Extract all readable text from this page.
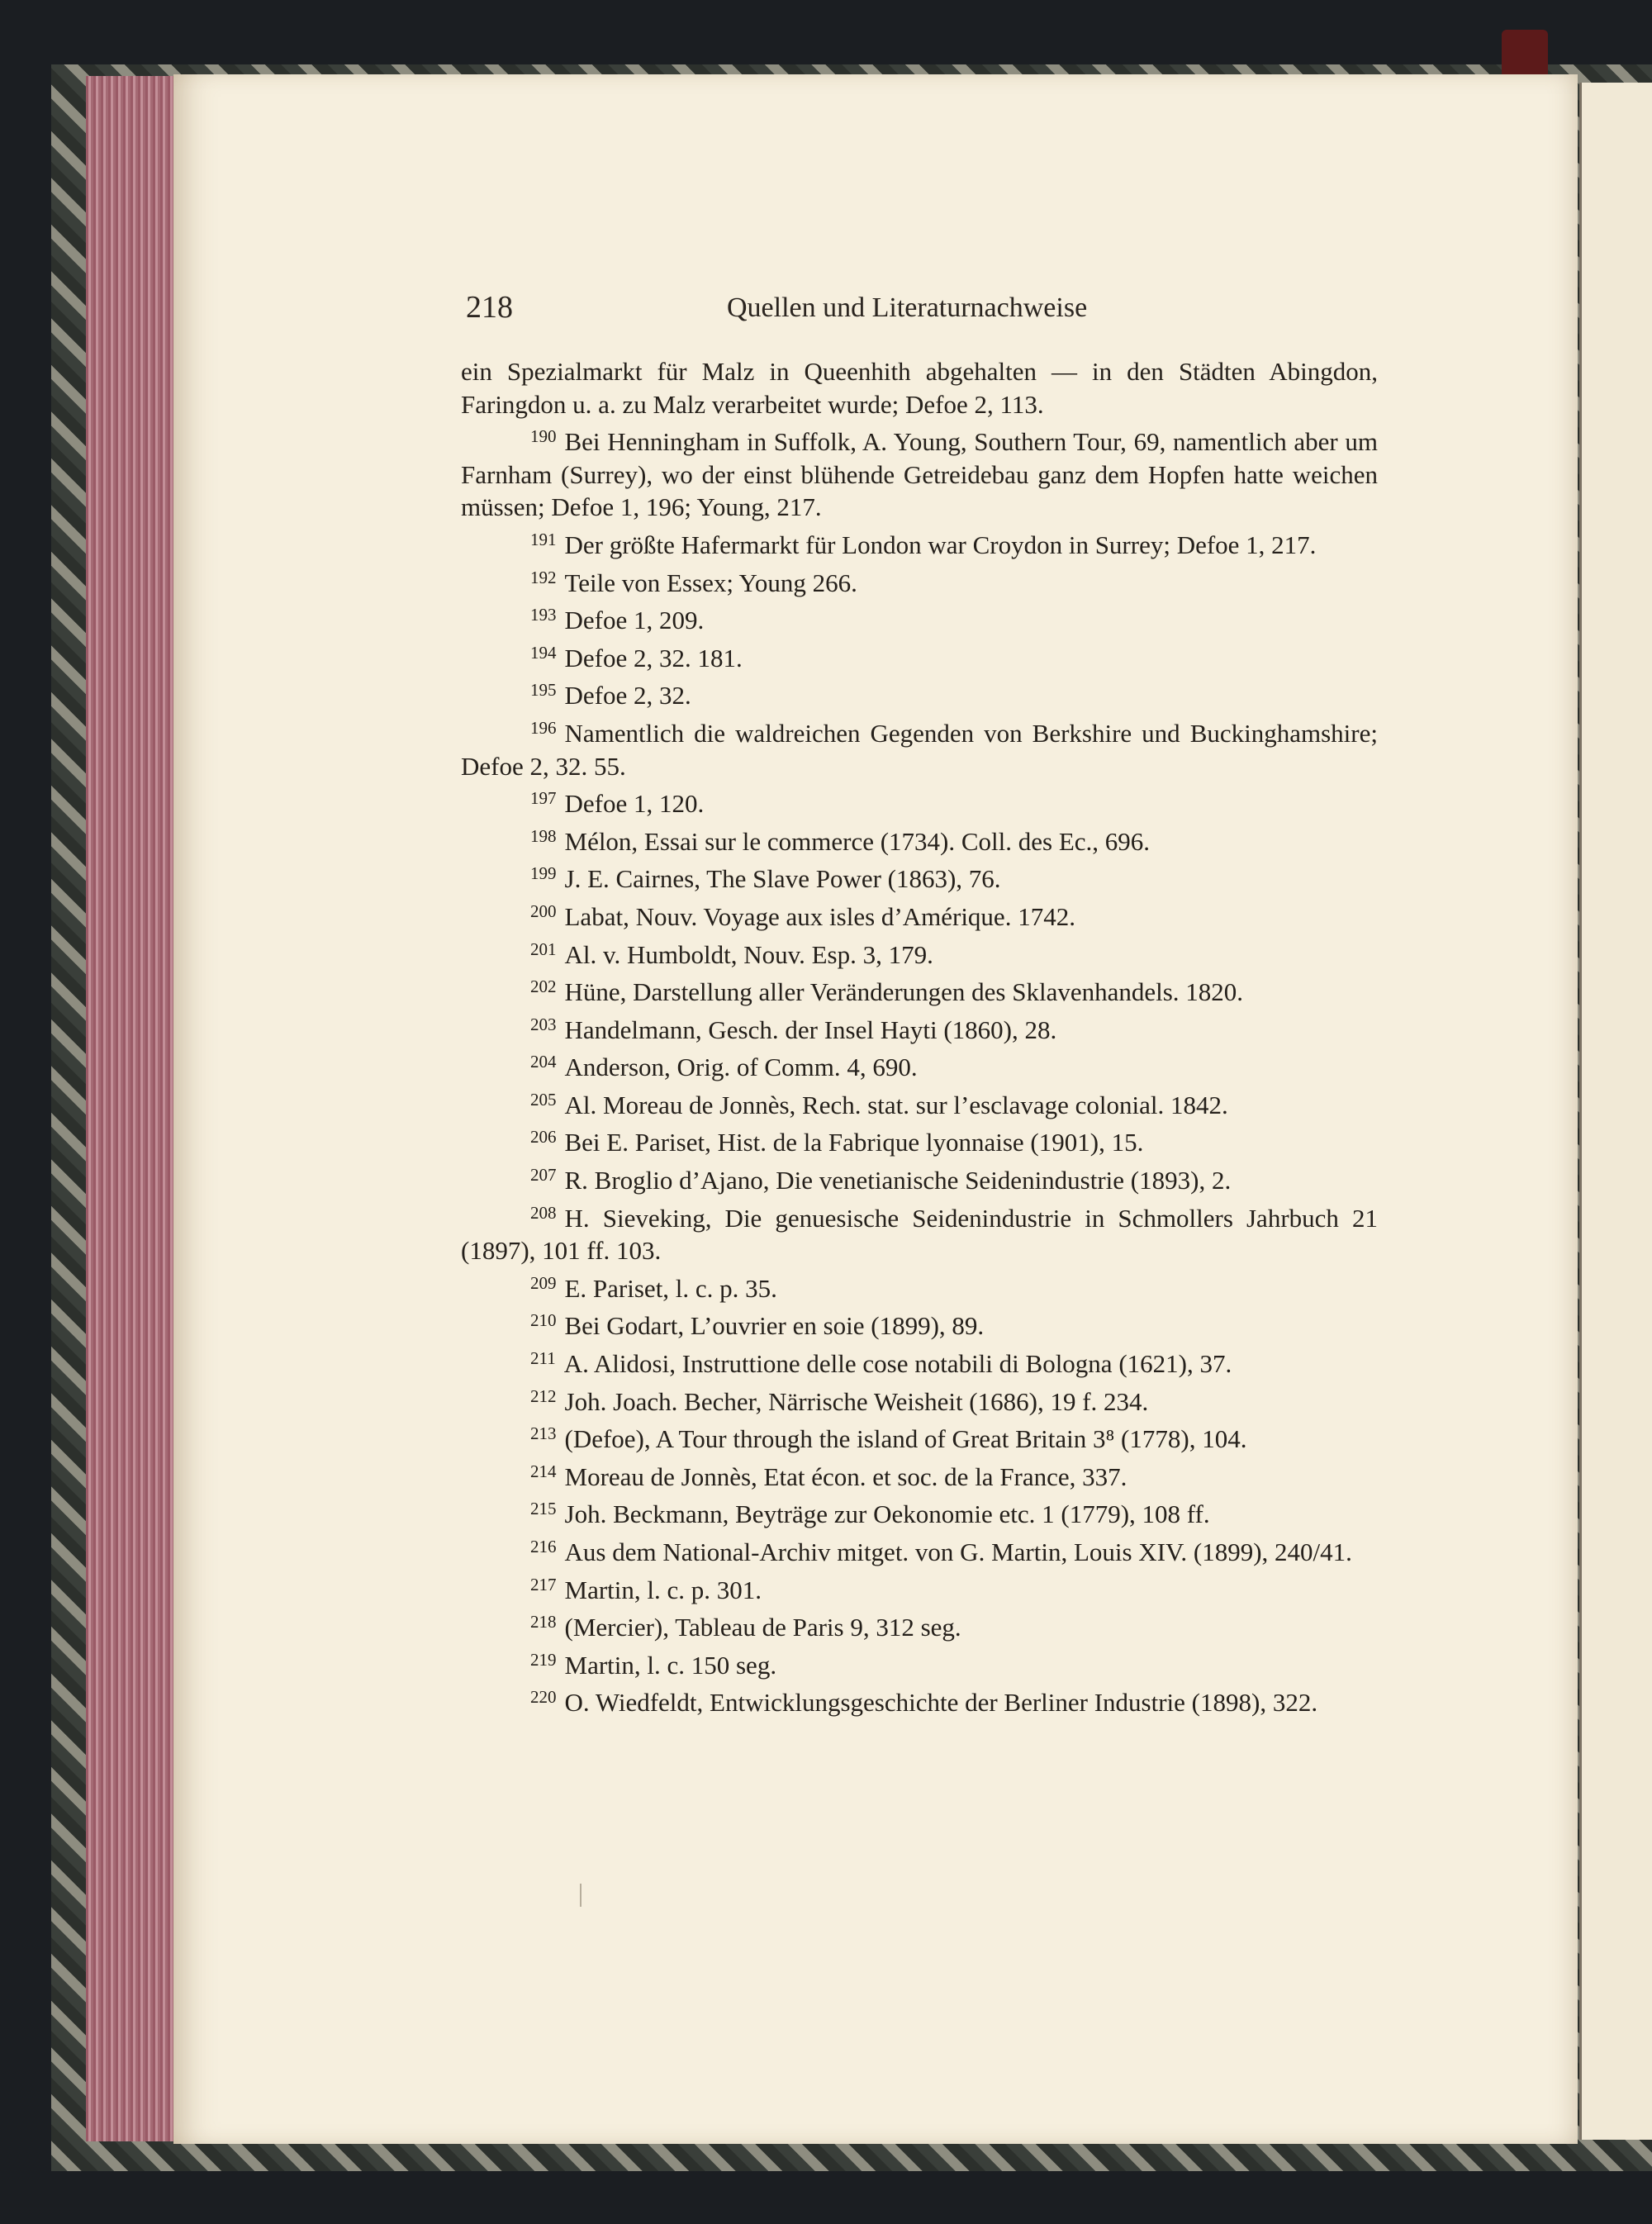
218	Quellen und Literaturnachweise

ein Spezialmarkt für Malz in Queenhith abgehalten — in den Städten Abingdon, Faringdon u. a. zu Malz verarbeitet wurde; Defoe 2, 113.

$^{190}$ Bei Henningham in Suffolk, A. Young, Southern Tour, 69, namentlich aber um Farnham (Surrey), wo der einst blühende Getreidebau ganz dem Hopfen hatte weichen müssen; Defoe 1, 196; Young, 217.

$^{191}$ Der größte Hafermarkt für London war Croydon in Surrey; Defoe 1, 217.

$^{192}$ Teile von Essex; Young 266.

$^{193}$ Defoe 1, 209.

$^{194}$ Defoe 2, 32. 181.

$^{195}$ Defoe 2, 32.

$^{196}$ Namentlich die waldreichen Gegenden von Berkshire und Buckinghamshire; Defoe 2, 32. 55.

$^{197}$ Defoe 1, 120.

$^{198}$ Mélon, Essai sur le commerce (1734). Coll. des Ec., 696.

$^{199}$ J. E. Cairnes, The Slave Power (1863), 76.

$^{200}$ Labat, Nouv. Voyage aux isles d’Amérique. 1742.

$^{201}$ Al. v. Humboldt, Nouv. Esp. 3, 179.

$^{202}$ Hüne, Darstellung aller Veränderungen des Sklavenhandels. 1820.

$^{203}$ Handelmann, Gesch. der Insel Hayti (1860), 28.

$^{204}$ Anderson, Orig. of Comm. 4, 690.

$^{205}$ Al. Moreau de Jonnès, Rech. stat. sur l’esclavage colonial. 1842.

$^{206}$ Bei E. Pariset, Hist. de la Fabrique lyonnaise (1901), 15.

$^{207}$ R. Broglio d’Ajano, Die venetianische Seidenindustrie (1893), 2.

$^{208}$ H. Sieveking, Die genuesische Seidenindustrie in Schmollers Jahrbuch 21 (1897), 101 ff. 103.

$^{209}$ E. Pariset, l. c. p. 35.

$^{210}$ Bei Godart, L’ouvrier en soie (1899), 89.

$^{211}$ A. Alidosi, Instruttione delle cose notabili di Bologna (1621), 37.

$^{212}$ Joh. Joach. Becher, Närrische Weisheit (1686), 19 f. 234.

$^{213}$ (Defoe), A Tour through the island of Great Britain 3⁸ (1778), 104.

$^{214}$ Moreau de Jonnès, Etat écon. et soc. de la France, 337.

$^{215}$ Joh. Beckmann, Beyträge zur Oekonomie etc. 1 (1779), 108 ff.

$^{216}$ Aus dem National-Archiv mitget. von G. Martin, Louis XIV. (1899), 240/41.

$^{217}$ Martin, l. c. p. 301.

$^{218}$ (Mercier), Tableau de Paris 9, 312 seg.

$^{219}$ Martin, l. c. 150 seg.

$^{220}$ O. Wiedfeldt, Entwicklungsgeschichte der Berliner Industrie (1898), 322.
